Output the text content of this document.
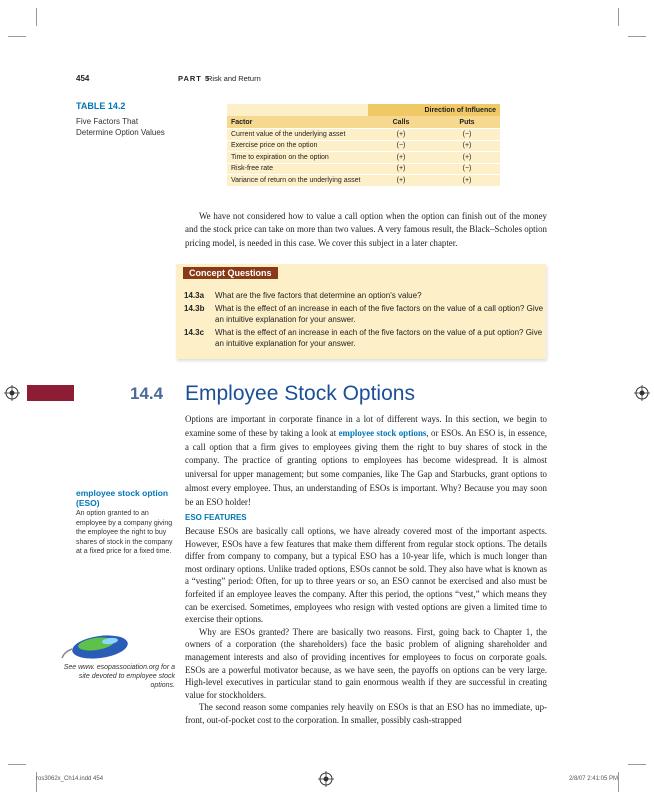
454	PART 5
Risk and Return
TABLE 14.2
Five Factors That Determine Option Values
	Direction of Influence	
Factor	Calls	Puts
Current value of the underlying asset	(+)	(−)
Exercise price on the option	(−)	(+)
Time to expiration on the option	(+)	(+)
Risk-free rate	(+)	(−)
Variance of return on the underlying asset	(+)	(+)

We have not considered how to value a call option when the option can finish out of the money and the stock price can take on more than two values. A very famous result, the Black–Scholes option pricing model, is needed in this case. We cover this subject in a later chapter.

14.3a What are the five factors that determine an option's value?
14.3b What is the effect of an increase in each of the five factors on the value of a call option? Give an intuitive explanation for your answer.
14.3c What is the effect of an increase in each of the five factors on the value of a put option? Give an intuitive explanation for your answer.
Concept Questions
14.4 Employee Stock Options

Options are important in corporate finance in a lot of different ways. In this section, we begin to examine some of these by taking a look at employee stock options, or ESOs. An ESO is, in essence, a call option that a firm gives to employees giving them the right to buy shares of stock in the company. The practice of granting options to employees has become widespread. It is almost universal for upper management; but some companies, like The Gap and Starbucks, grant options to almost every employee. Thus, an understanding of ESOs is important. Why? Because you may soon be an ESO holder!

employee stock option (ESO)
An option granted to an employee by a company giving the employee the right to buy shares of stock in the company at a fixed price for a fixed time.
ESO FEATURES

Because ESOs are basically call options, we have already covered most of the important aspects. However, ESOs have a few features that make them different from regular stock options. The details differ from company to company, but a typical ESO has a 10-year life, which is much longer than most ordinary options. Unlike traded options, ESOs cannot be sold. They also have what is known as a “vesting” period: Often, for up to three years or so, an ESO cannot be exercised and also must be forfeited if an employee leaves the company. After this period, the options “vest,” which means they can be exercised. Sometimes, employees who resign with vested options are given a limited time to exercise their options.

Why are ESOs granted? There are basically two reasons. First, going back to Chapter 1, the owners of a corporation (the shareholders) face the basic problem of aligning shareholder and management interests and also of providing incentives for employees to focus on corporate goals. ESOs are a powerful motivator because, as we have seen, the payoffs on options can be very large. High-level executives in particular stand to gain enormous wealth if they are successful in creating value for stockholders.

The second reason some companies rely heavily on ESOs is that an ESO has no immediate, up-front, out-of-pocket cost to the corporation. In smaller, possibly cash-strapped

See www. esopassociation.org for a site devoted to employee stock options.
ros3062x_Ch14.indd 454	2/8/07 2:41:05 PM
